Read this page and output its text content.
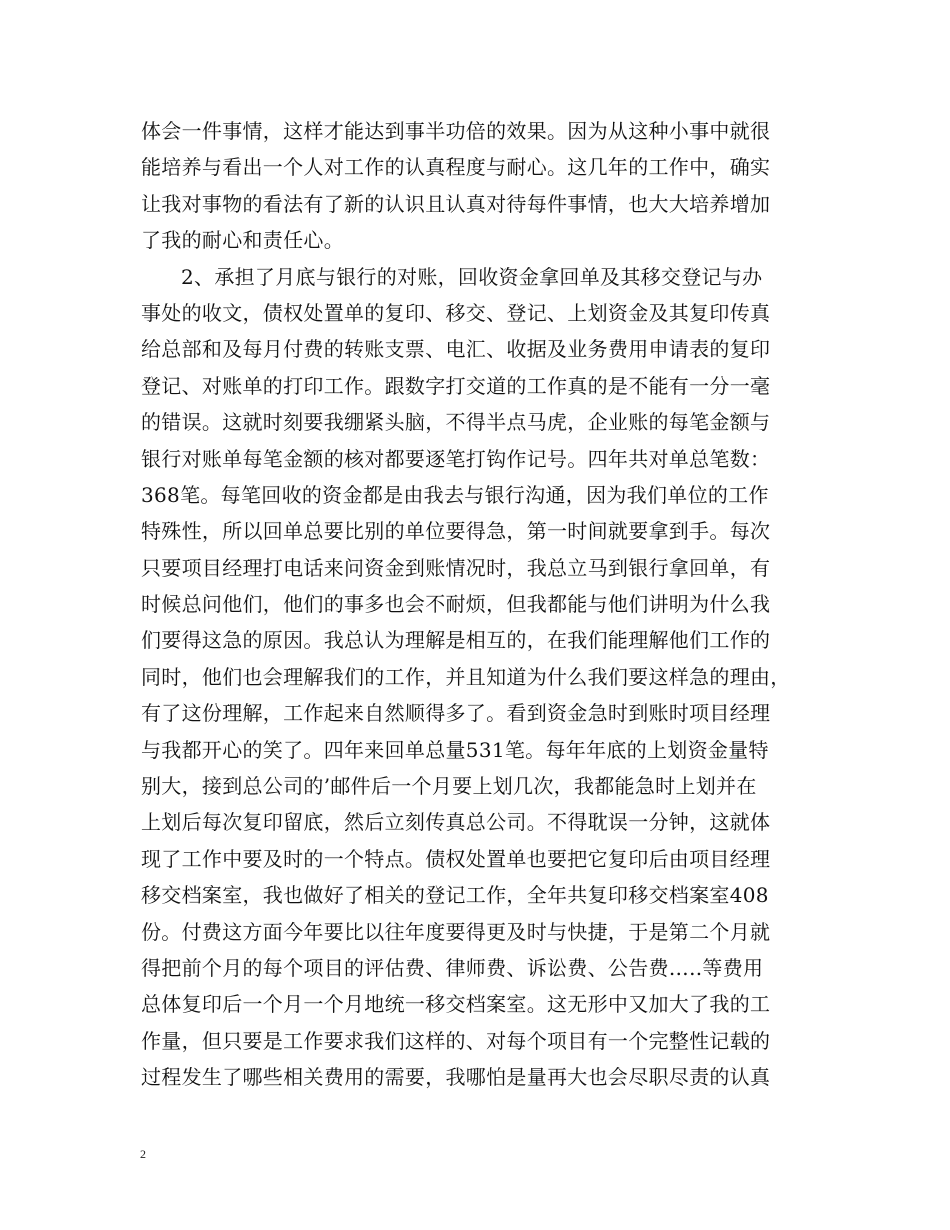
体会一件事情，这样才能达到事半功倍的效果。因为从这种小事中就很
能培养与看出一个人对工作的认真程度与耐心。这几年的工作中，确实
让我对事物的看法有了新的认识且认真对待每件事情，也大大培养增加
了我的耐心和责任心。
2、承担了月底与银行的对账，回收资金拿回单及其移交登记与办
事处的收文，债权处置单的复印、移交、登记、上划资金及其复印传真
给总部和及每月付费的转账支票、电汇、收据及业务费用申请表的复印
登记、对账单的打印工作。跟数字打交道的工作真的是不能有一分一毫
的错误。这就时刻要我绷紧头脑，不得半点马虎，企业账的每笔金额与
银行对账单每笔金额的核对都要逐笔打钩作记号。四年共对单总笔数：
368笔。每笔回收的资金都是由我去与银行沟通，因为我们单位的工作
特殊性，所以回单总要比别的单位要得急，第一时间就要拿到手。每次
只要项目经理打电话来问资金到账情况时，我总立马到银行拿回单，有
时候总问他们，他们的事多也会不耐烦，但我都能与他们讲明为什么我
们要得这急的原因。我总认为理解是相互的，在我们能理解他们工作的
同时，他们也会理解我们的工作，并且知道为什么我们要这样急的理由，
有了这份理解，工作起来自然顺得多了。看到资金急时到账时项目经理
与我都开心的笑了。四年来回单总量531笔。每年年底的上划资金量特
别大，接到总公司的’邮件后一个月要上划几次，我都能急时上划并在
上划后每次复印留底，然后立刻传真总公司。不得耽误一分钟，这就体
现了工作中要及时的一个特点。债权处置单也要把它复印后由项目经理
移交档案室，我也做好了相关的登记工作，全年共复印移交档案室408
份。付费这方面今年要比以往年度要得更及时与快捷，于是第二个月就
得把前个月的每个项目的评估费、律师费、诉讼费、公告费…..等费用
总体复印后一个月一个月地统一移交档案室。这无形中又加大了我的工
作量，但只要是工作要求我们这样的、对每个项目有一个完整性记载的
过程发生了哪些相关费用的需要，我哪怕是量再大也会尽职尽责的认真
2
